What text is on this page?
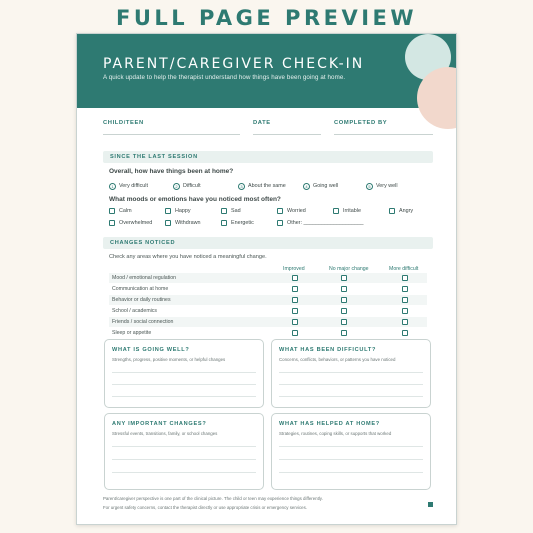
FULL PAGE PREVIEW
PARENT/CAREGIVER CHECK-IN
A quick update to help the therapist understand how things have been going at home.
CHILD/TEEN	DATE	COMPLETED BY
SINCE THE LAST SESSION
Overall, how have things been at home?
1 Very difficult	2 Difficult	3 About the same	4 Going well	5 Very well
What moods or emotions have you noticed most often?
Calm	Happy	Sad	Worried	Irritable	Angry
Overwhelmed	Withdrawn	Energetic	Other: ____________________
CHANGES NOTICED
Check any areas where you have noticed a meaningful change.
Improved	No major change	More difficult
Mood / emotional regulation
Communication at home
Behavior or daily routines
School / academics
Friends / social connection
Sleep or appetite
WHAT IS GOING WELL?
Strengths, progress, positive moments, or helpful changes
WHAT HAS BEEN DIFFICULT?
Concerns, conflicts, behaviors, or patterns you have noticed
ANY IMPORTANT CHANGES?
Stressful events, transitions, family, or school changes
WHAT HAS HELPED AT HOME?
Strategies, routines, coping skills, or supports that worked
Parent/caregiver perspective is one part of the clinical picture. The child or teen may experience things differently.
For urgent safety concerns, contact the therapist directly or use appropriate crisis or emergency services.
